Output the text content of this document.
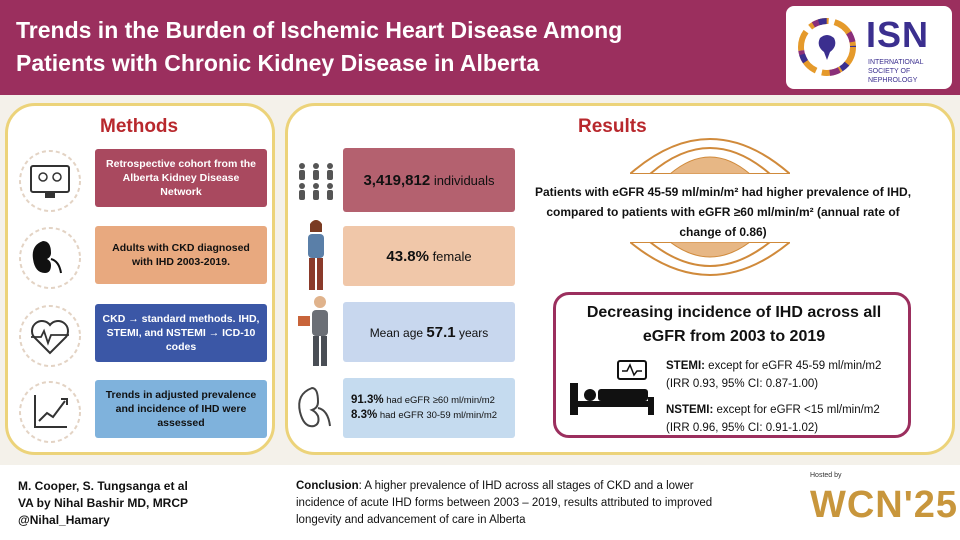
Trends in the Burden of Ischemic Heart Disease Among Patients with Chronic Kidney Disease in Alberta
ISN
INTERNATIONAL SOCIETY OF NEPHROLOGY
Methods
Retrospective cohort from the Alberta Kidney Disease Network
Adults with CKD diagnosed with IHD 2003-2019.
CKD → standard methods. IHD, STEMI, and NSTEMI → ICD-10 codes
Trends in adjusted prevalence and incidence of IHD were assessed
Results
3,419,812 individuals
43.8% female
Mean age 57.1 years
91.3% had eGFR ≥60 ml/min/m2
8.3% had eGFR 30-59 ml/min/m2
Patients with eGFR 45-59 ml/min/m² had higher prevalence of IHD, compared to patients with eGFR ≥60 ml/min/m² (annual rate of change of 0.86)
Decreasing incidence of IHD across all eGFR from 2003 to 2019
STEMI: except for eGFR 45-59 ml/min/m2 (IRR 0.93, 95% CI: 0.87-1.00)
NSTEMI: except for eGFR <15 ml/min/m2 (IRR 0.96, 95% CI: 0.91-1.02)
M. Cooper, S. Tungsanga et al
VA by Nihal Bashir MD, MRCP
@Nihal_Hamary
Conclusion: A higher prevalence of IHD across all stages of CKD and a lower incidence of acute IHD forms between 2003 – 2019, results attributed to improved longevity and advancement of care in Alberta
Hosted by
WCN'25
